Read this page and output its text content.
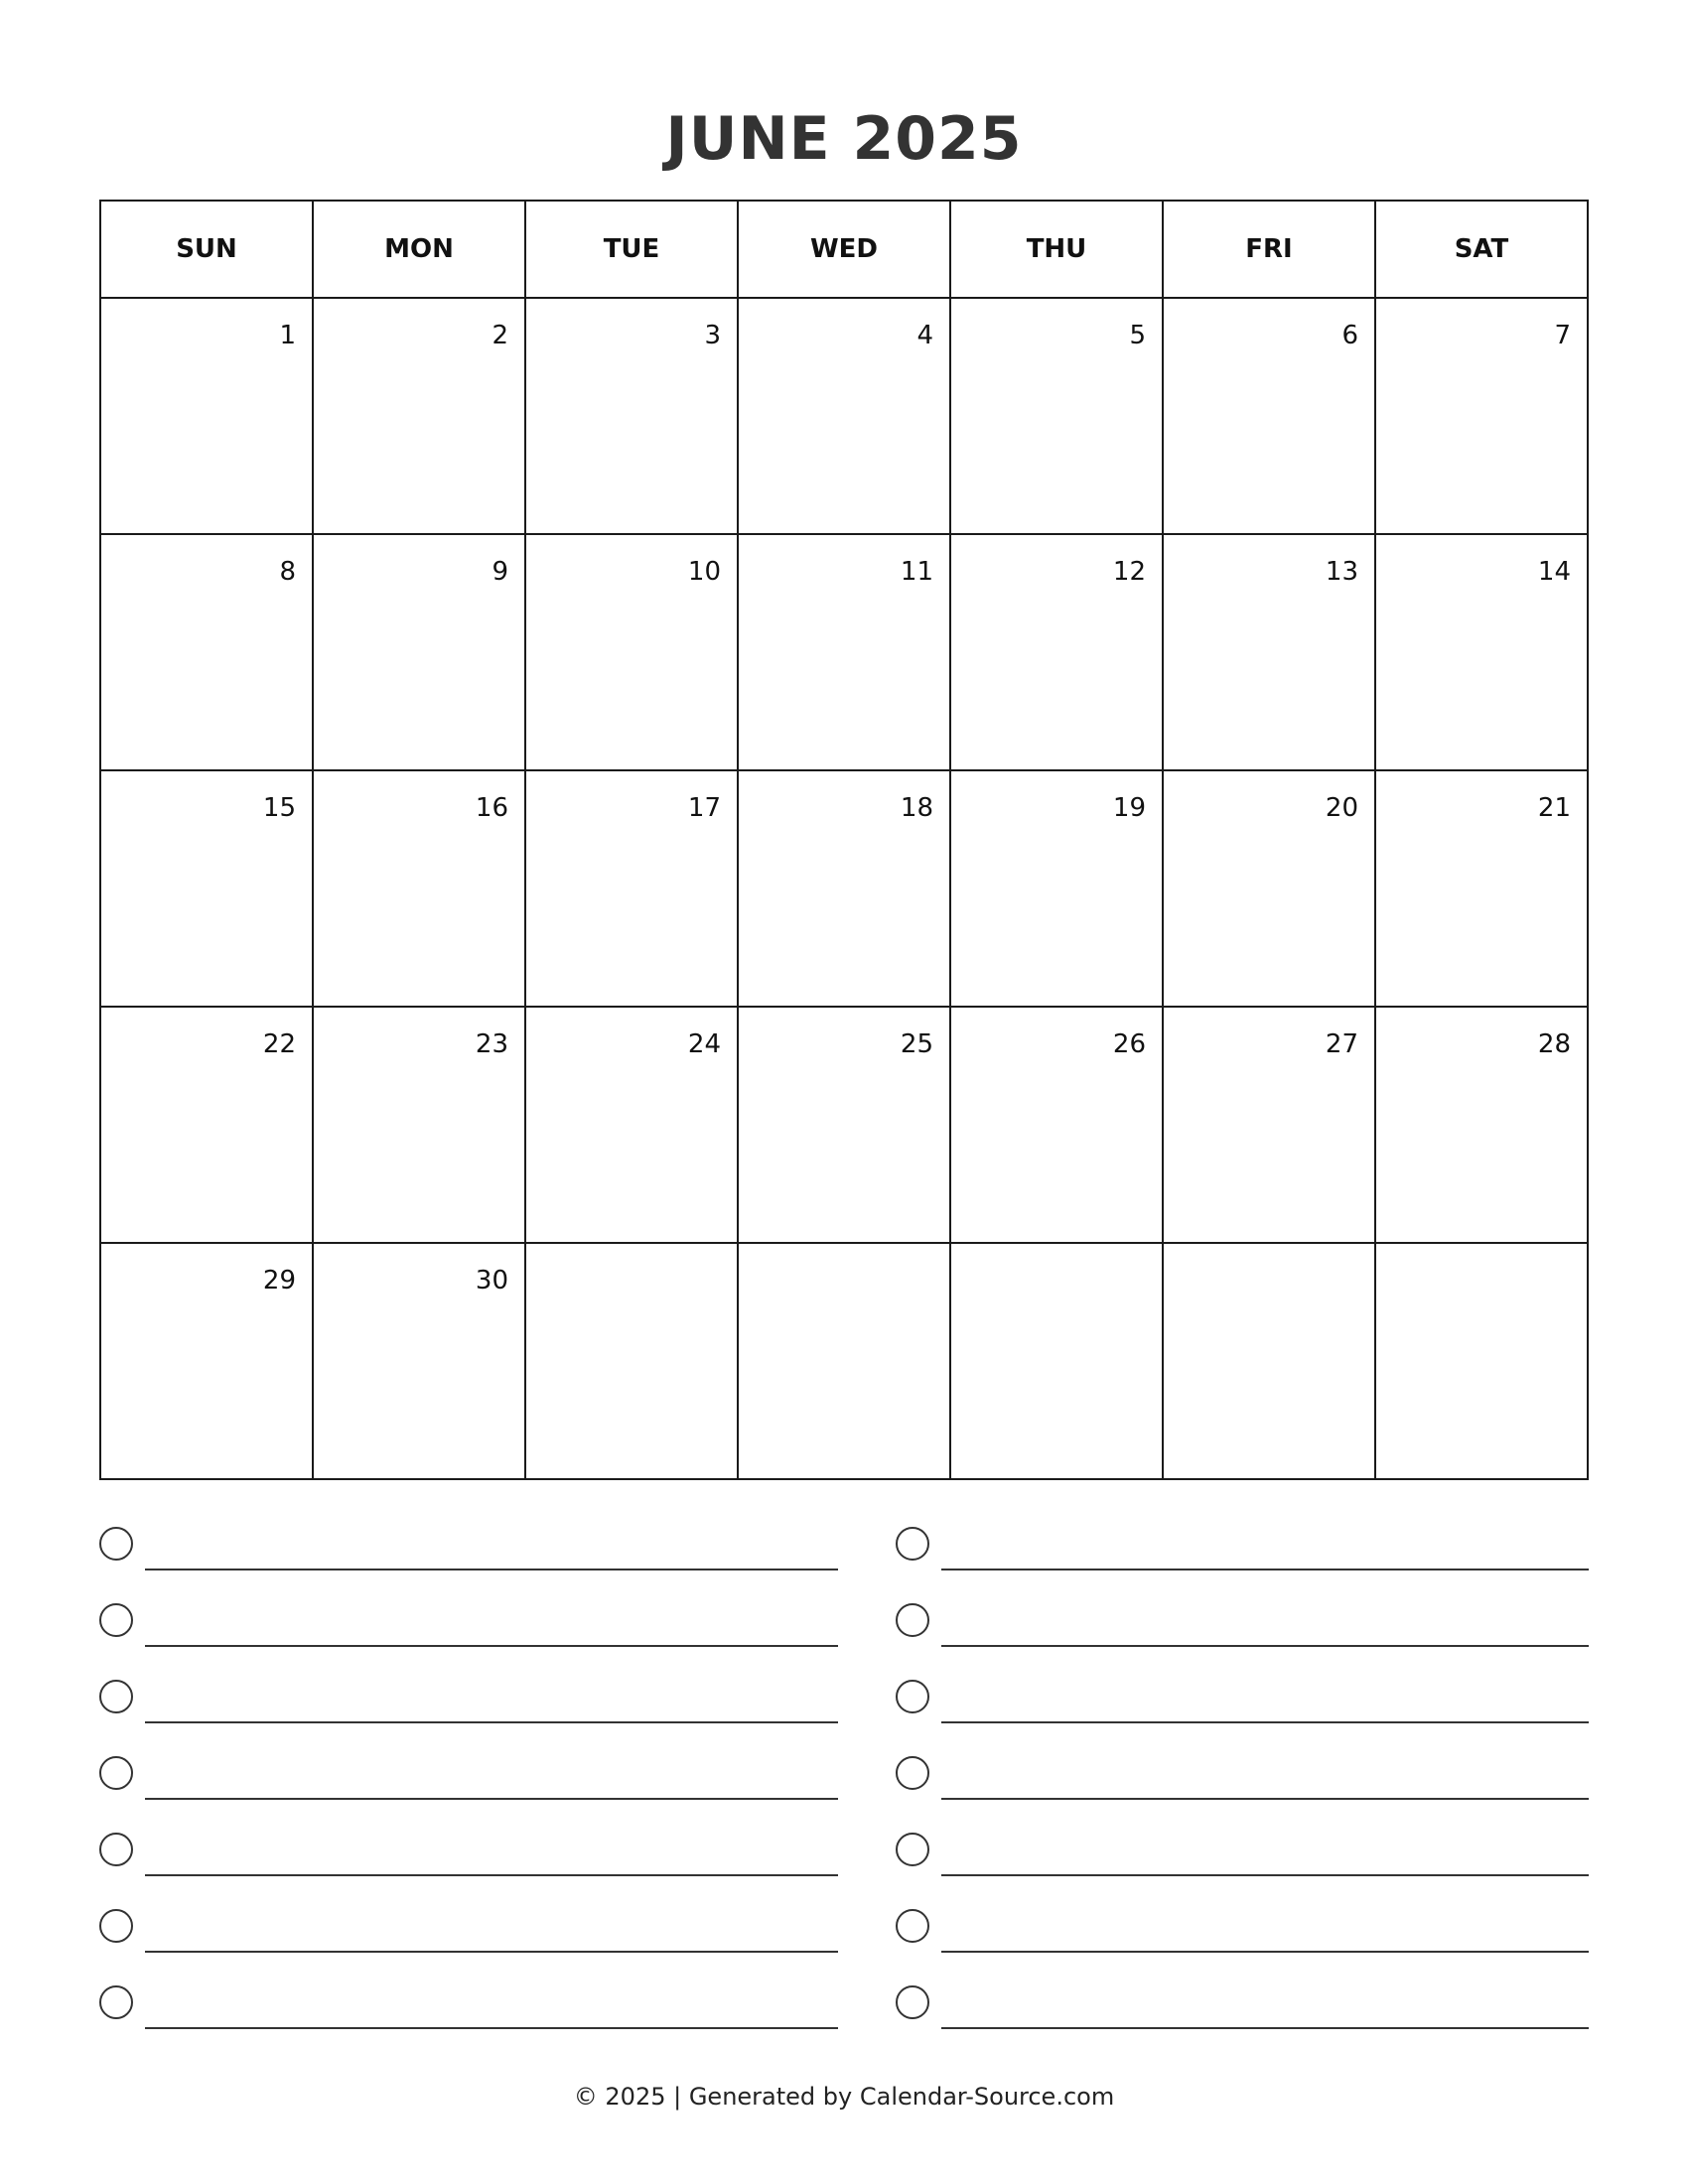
JUNE 2025
SUN	MON	TUE	WED	THU	FRI	SAT

1	2	3	4	5	6	7

8	9	10	11	12	13	14

15	16	17	18	19	20	21

22	23	24	25	26	27	28

29	30					

© 2025 | Generated by Calendar-Source.com
